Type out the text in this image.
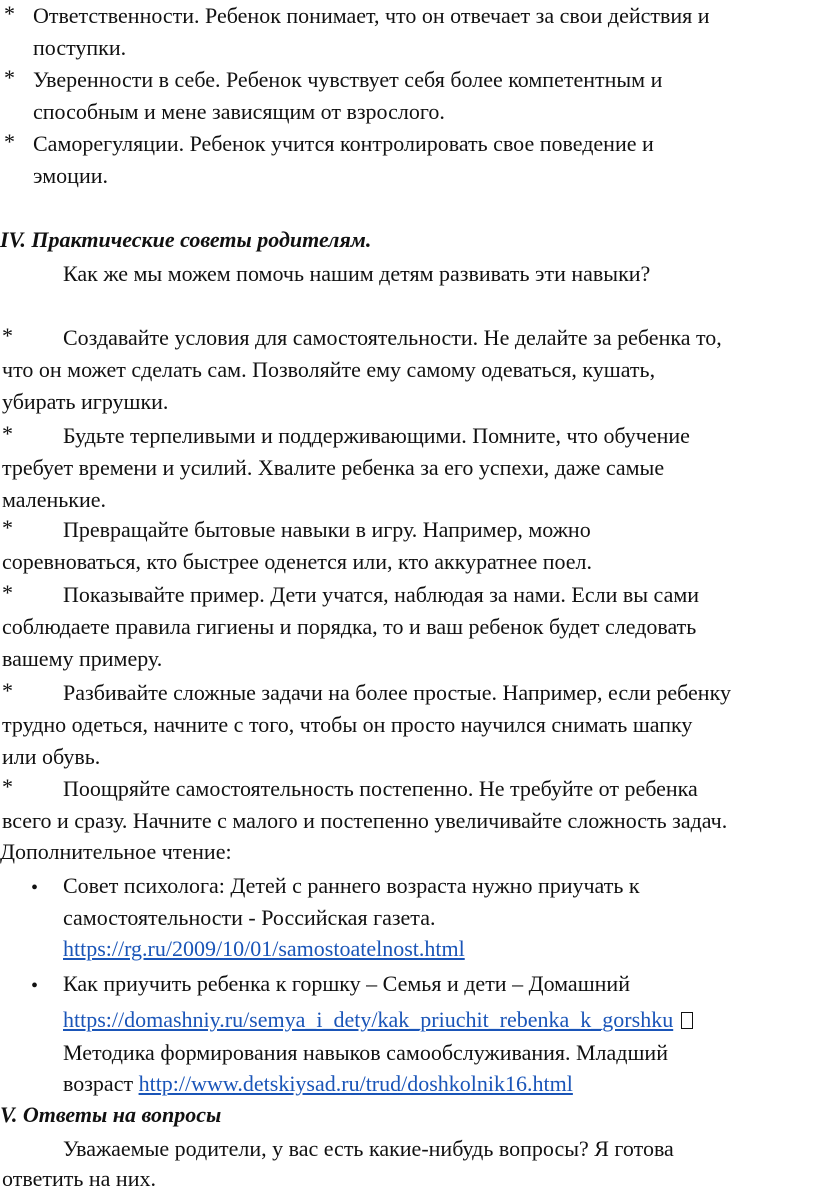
* Ответственности. Ребенок понимает, что он отвечает за свои действия и
поступки.
* Уверенности в себе. Ребенок чувствует себя более компетентным и
способным и мене зависящим от взрослого.
* Саморегуляции. Ребенок учится контролировать свое поведение и
эмоции.
IV. Практические советы родителям.
Как же мы можем помочь нашим детям развивать эти навыки?
* Создавайте условия для самостоятельности. Не делайте за ребенка то,
что он может сделать сам. Позволяйте ему самому одеваться, кушать,
убирать игрушки.
* Будьте терпеливыми и поддерживающими. Помните, что обучение
требует времени и усилий. Хвалите ребенка за его успехи, даже самые
маленькие.
* Превращайте бытовые навыки в игру. Например, можно
соревноваться, кто быстрее оденется или, кто аккуратнее поел.
* Показывайте пример. Дети учатся, наблюдая за нами. Если вы сами
соблюдаете правила гигиены и порядка, то и ваш ребенок будет следовать
вашему примеру.
* Разбивайте сложные задачи на более простые. Например, если ребенку
трудно одеться, начните с того, чтобы он просто научился снимать шапку
или обувь.
* Поощряйте самостоятельность постепенно. Не требуйте от ребенка
всего и сразу. Начните с малого и постепенно увеличивайте сложность задач.
Дополнительное чтение:
• Совет психолога: Детей с раннего возраста нужно приучать к
самостоятельности - Российская газета.
https://rg.ru/2009/10/01/samostoatelnost.html
• Как приучить ребенка к горшку – Семья и дети – Домашний
https://domashniy.ru/semya_i_dety/kak_priuchit_rebenka_k_gorshku
Методика формирования навыков самообслуживания. Младший
возраст http://www.detskiysad.ru/trud/doshkolnik16.html
V. Ответы на вопросы
Уважаемые родители, у вас есть какие-нибудь вопросы? Я готова
ответить на них.
